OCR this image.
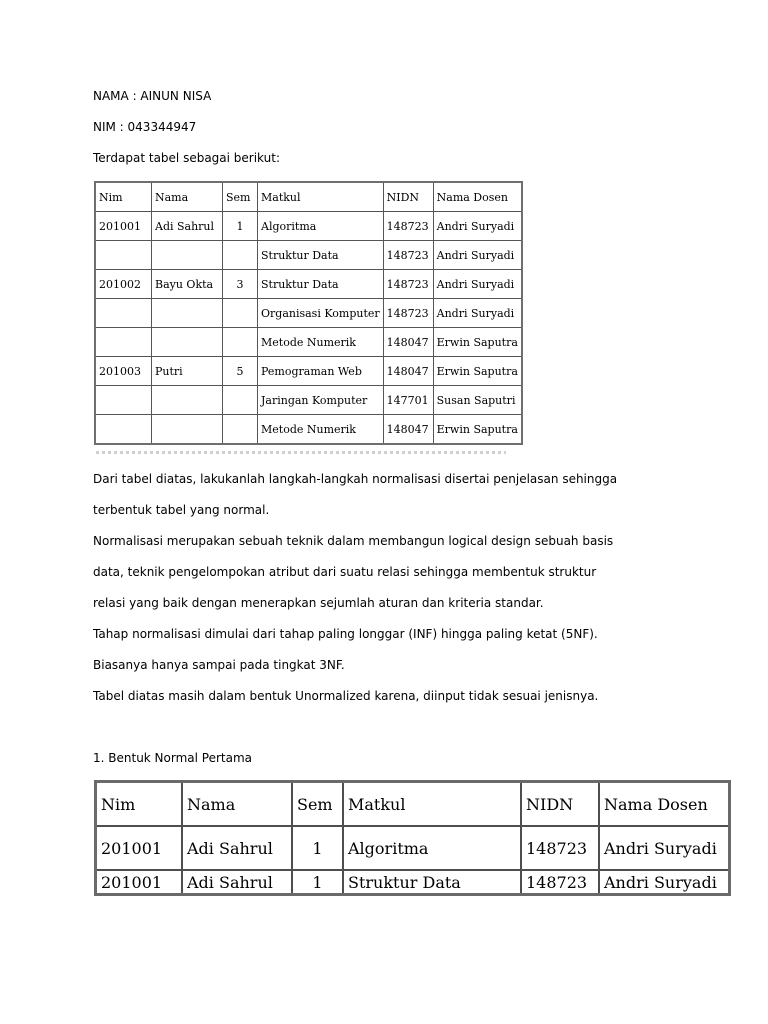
NAMA : AINUN NISA
NIM : 043344947
Terdapat tabel sebagai berikut:
Nim	Nama	Sem	Matkul	NIDN	Nama Dosen
201001	Adi Sahrul	1	Algoritma	148723	Andri Suryadi
			Struktur Data	148723	Andri Suryadi
201002	Bayu Okta	3	Struktur Data	148723	Andri Suryadi
			Organisasi Komputer	148723	Andri Suryadi
			Metode Numerik	148047	Erwin Saputra
201003	Putri	5	Pemograman Web	148047	Erwin Saputra
			Jaringan Komputer	147701	Susan Saputri
			Metode Numerik	148047	Erwin Saputra
Dari tabel diatas, lakukanlah langkah-langkah normalisasi disertai penjelasan sehingga
terbentuk tabel yang normal.
Normalisasi merupakan sebuah teknik dalam membangun logical design sebuah basis
data, teknik pengelompokan atribut dari suatu relasi sehingga membentuk struktur
relasi yang baik dengan menerapkan sejumlah aturan dan kriteria standar.
Tahap normalisasi dimulai dari tahap paling longgar (INF) hingga paling ketat (5NF).
Biasanya hanya sampai pada tingkat 3NF.
Tabel diatas masih dalam bentuk Unormalized karena, diinput tidak sesuai jenisnya.
1. Bentuk Normal Pertama
Nim	Nama	Sem	Matkul	NIDN	Nama Dosen
201001	Adi Sahrul	1	Algoritma	148723	Andri Suryadi
201001	Adi Sahrul	1	Struktur Data	148723	Andri Suryadi
